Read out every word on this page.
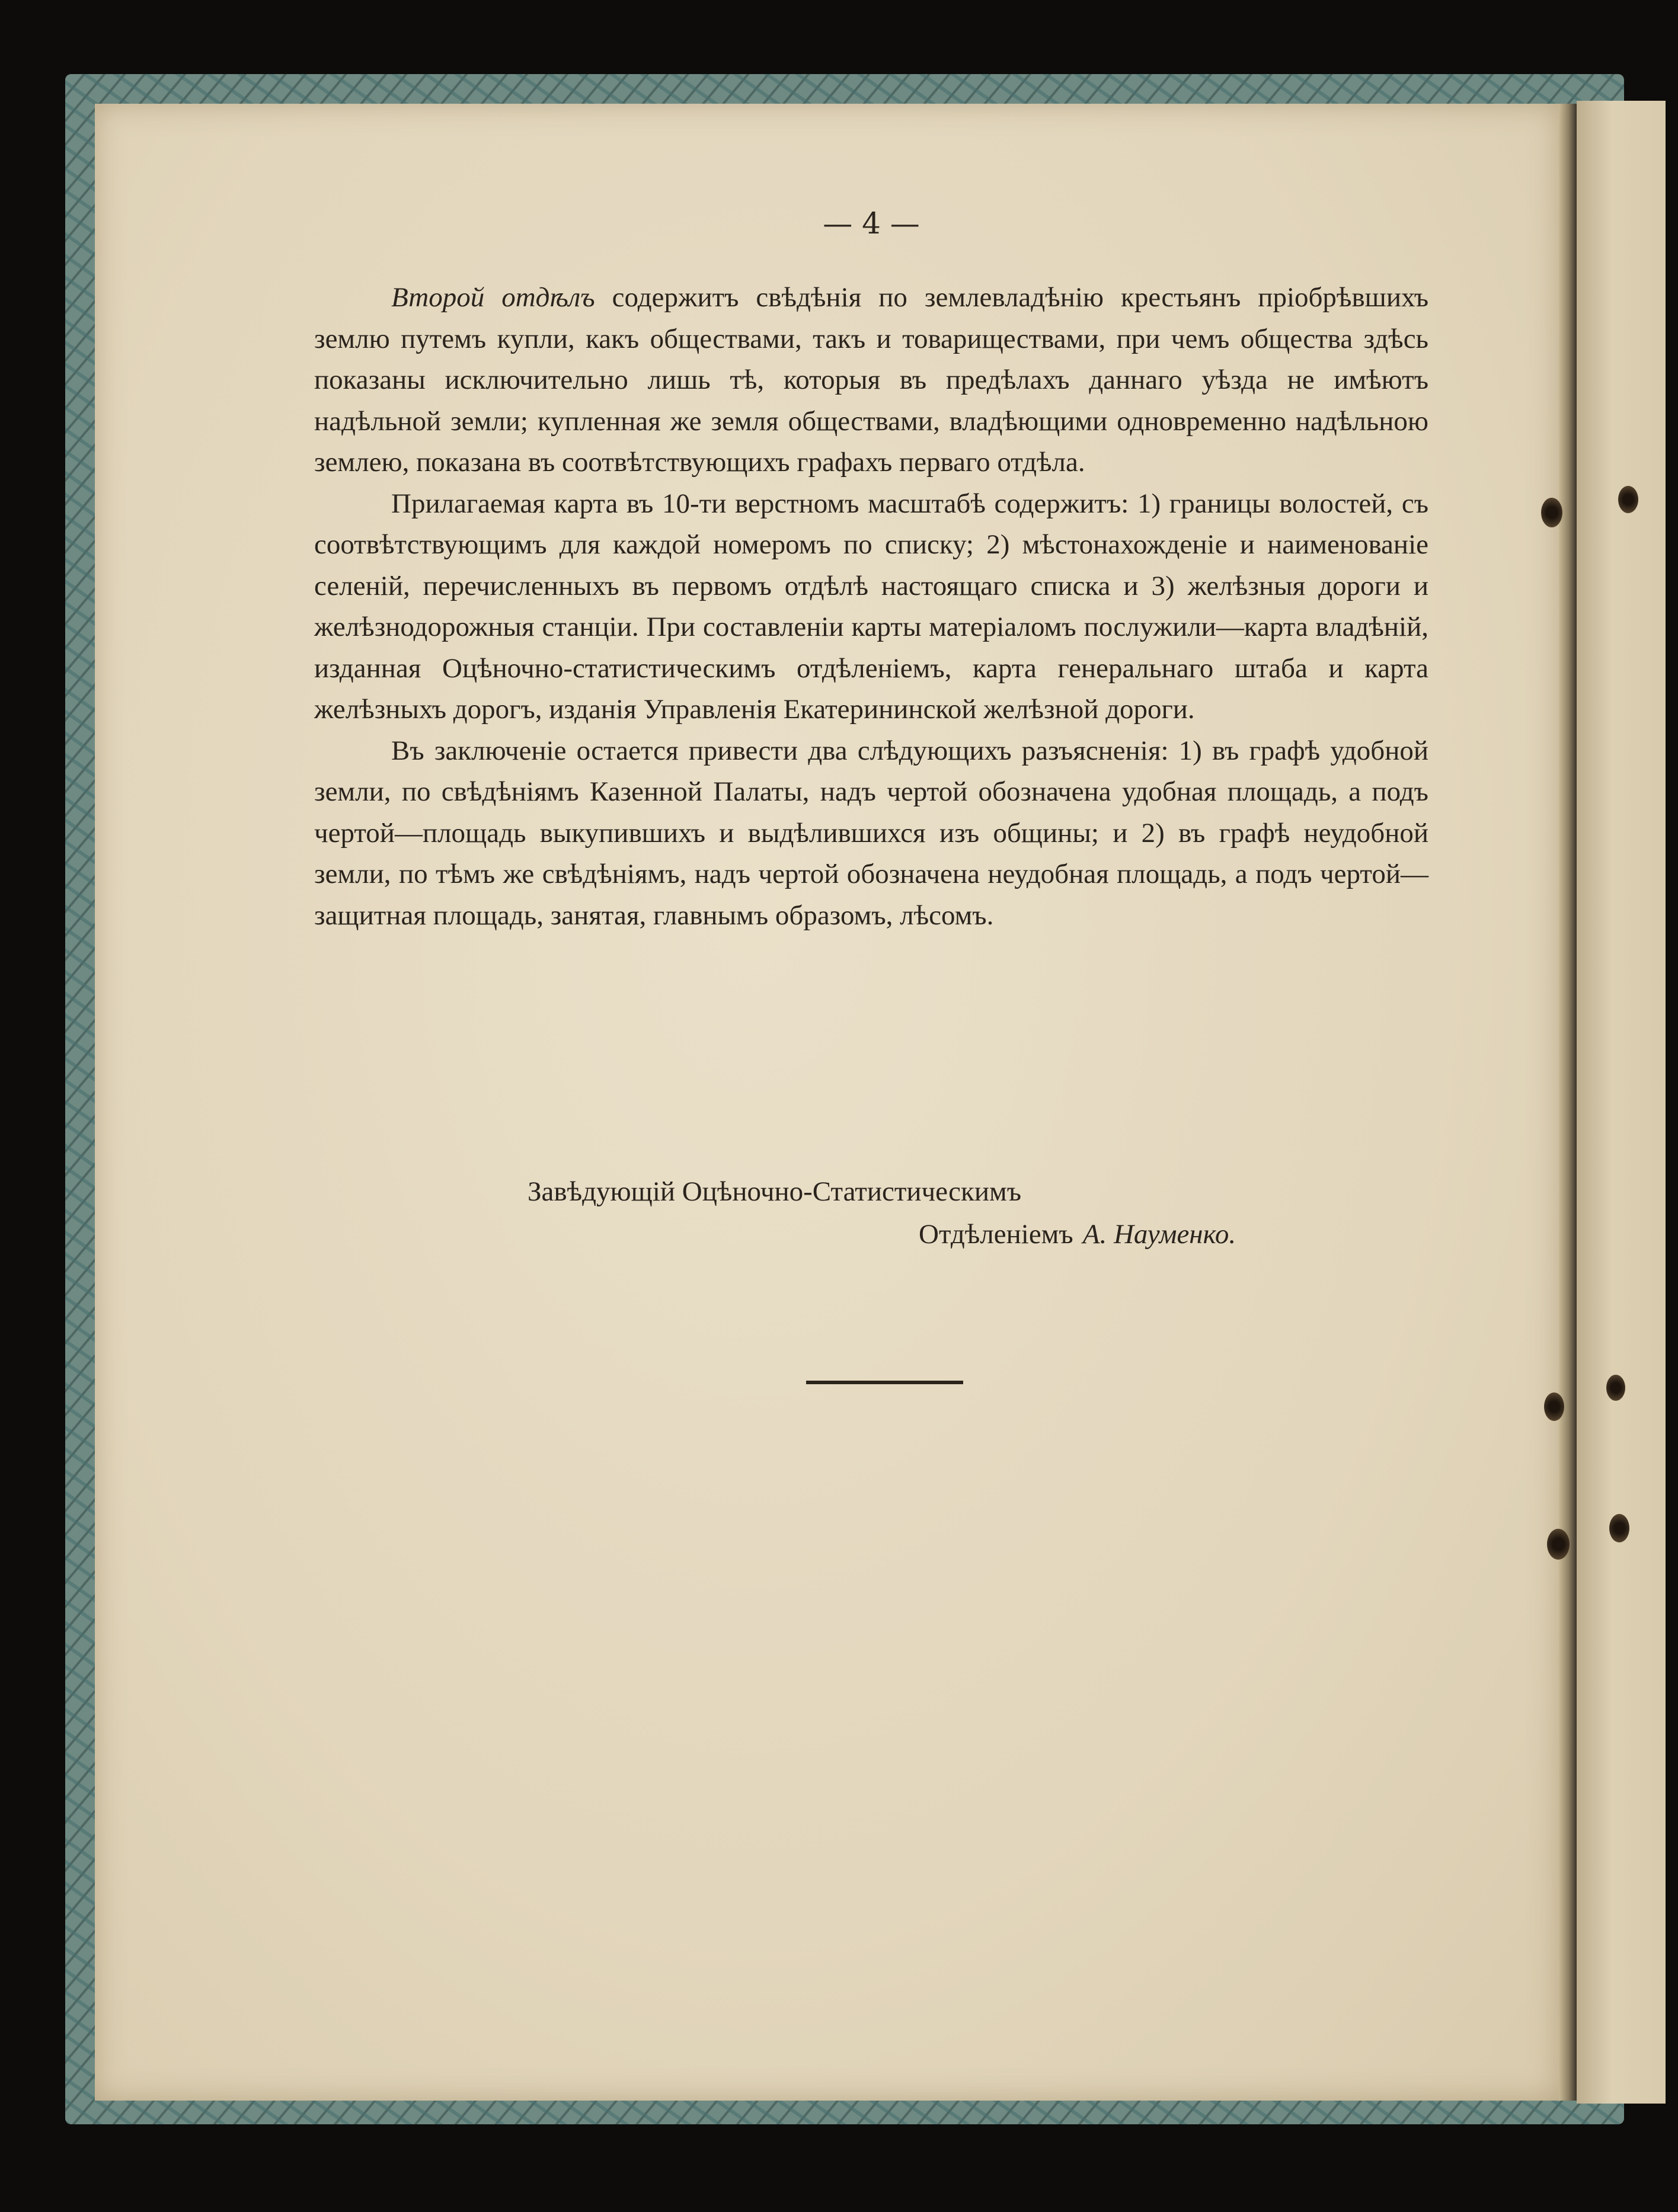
— 4 —

Второй отдѣлъ содержитъ свѣдѣнія по землевладѣнію крестьянъ пріобрѣвшихъ землю путемъ купли, какъ обществами, такъ и товариществами, при чемъ общества здѣсь показаны исключительно лишь тѣ, которыя въ предѣлахъ даннаго уѣзда не имѣютъ надѣльной земли; купленная же земля обществами, владѣющими одновременно надѣльною землею, показана въ соотвѣтствующихъ графахъ перваго отдѣла.

Прилагаемая карта въ 10-ти верстномъ масштабѣ содержитъ: 1) границы волостей, съ соотвѣтствующимъ для каждой номеромъ по списку; 2) мѣстонахожденіе и наименованіе селеній, перечисленныхъ въ первомъ отдѣлѣ настоящаго списка и 3) желѣзныя дороги и желѣзнодорожныя станціи. При составленіи карты матеріаломъ послужили—карта владѣній, изданная Оцѣночно-статистическимъ отдѣленіемъ, карта генеральнаго штаба и карта желѣзныхъ дорогъ, изданія Управленія Екатерининской желѣзной дороги.

Въ заключеніе остается привести два слѣдующихъ разъясненія: 1) въ графѣ удобной земли, по свѣдѣніямъ Казенной Палаты, надъ чертой обозначена удобная площадь, а подъ чертой—площадь выкупившихъ и выдѣлившихся изъ общины; и 2) въ графѣ неудобной земли, по тѣмъ же свѣдѣніямъ, надъ чертой обозначена неудобная площадь, а подъ чертой—защитная площадь, занятая, главнымъ образомъ, лѣсомъ.

Завѣдующій Оцѣночно-Статистическимъ
Отдѣленіемъ А. Науменко.
